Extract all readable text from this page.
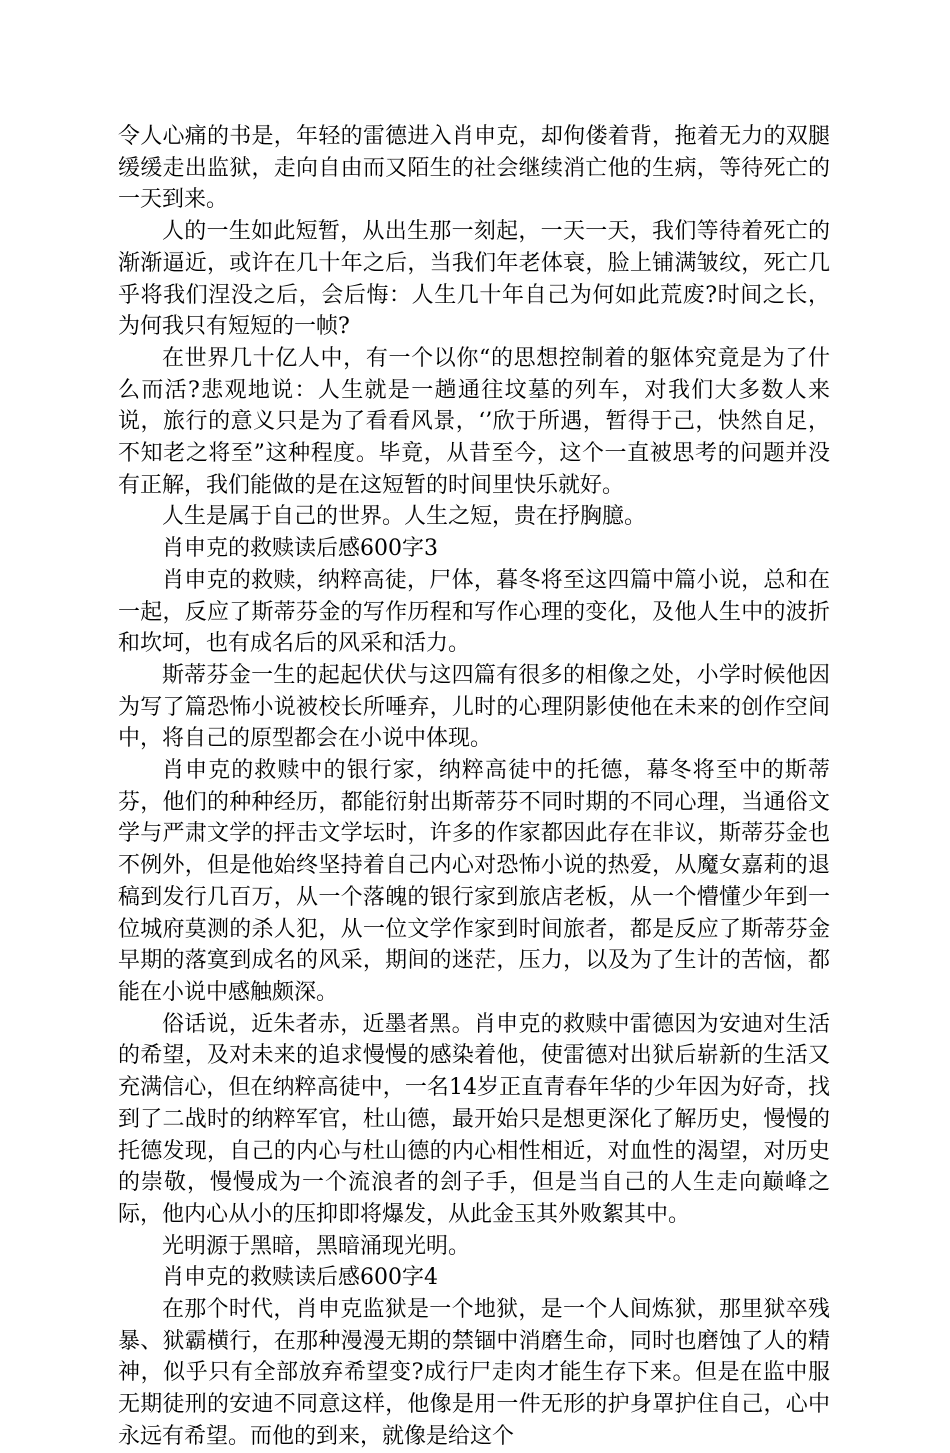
令人心痛的书是，年轻的雷德进入肖申克，却佝偻着背，拖着无力的双腿缓缓走出监狱，走向自由而又陌生的社会继续消亡他的生病，等待死亡的一天到来。

人的一生如此短暂，从出生那一刻起，一天一天，我们等待着死亡的渐渐逼近，或许在几十年之后，当我们年老体衰，脸上铺满皱纹，死亡几乎将我们涅没之后，会后悔：人生几十年自己为何如此荒废?时间之长，为何我只有短短的一帧?

在世界几十亿人中，有一个以你“的思想控制着的躯体究竟是为了什么而活?悲观地说：人生就是一趟通往坟墓的列车，对我们大多数人来说，旅行的意义只是为了看看风景，‘’欣于所遇，暂得于己，快然自足，不知老之将至”这种程度。毕竟，从昔至今，这个一直被思考的问题并没有正解，我们能做的是在这短暂的时间里快乐就好。

人生是属于自己的世界。人生之短，贵在抒胸臆。

肖申克的救赎读后感600字3

肖申克的救赎，纳粹高徒，尸体，暮冬将至这四篇中篇小说，总和在一起，反应了斯蒂芬金的写作历程和写作心理的变化，及他人生中的波折和坎坷，也有成名后的风采和活力。

斯蒂芬金一生的起起伏伏与这四篇有很多的相像之处，小学时候他因为写了篇恐怖小说被校长所唾弃，儿时的心理阴影使他在未来的创作空间中，将自己的原型都会在小说中体现。

肖申克的救赎中的银行家，纳粹高徒中的托德，幕冬将至中的斯蒂芬，他们的种种经历，都能衍射出斯蒂芬不同时期的不同心理，当通俗文学与严肃文学的抨击文学坛时，许多的作家都因此存在非议，斯蒂芬金也不例外，但是他始终坚持着自己内心对恐怖小说的热爱，从魔女嘉莉的退稿到发行几百万，从一个落魄的银行家到旅店老板，从一个懵懂少年到一位城府莫测的杀人犯，从一位文学作家到时间旅者，都是反应了斯蒂芬金早期的落寞到成名的风采，期间的迷茫，压力，以及为了生计的苦恼，都能在小说中感触颇深。

俗话说，近朱者赤，近墨者黑。肖申克的救赎中雷德因为安迪对生活的希望，及对未来的追求慢慢的感染着他，使雷德对出狱后崭新的生活又充满信心，但在纳粹高徒中，一名14岁正直青春年华的少年因为好奇，找到了二战时的纳粹军官，杜山德，最开始只是想更深化了解历史，慢慢的托德发现，自己的内心与杜山德的内心相性相近，对血性的渴望，对历史的崇敬，慢慢成为一个流浪者的刽子手，但是当自己的人生走向巅峰之际，他内心从小的压抑即将爆发，从此金玉其外败絮其中。

光明源于黑暗，黑暗涌现光明。

肖申克的救赎读后感600字4

在那个时代，肖申克监狱是一个地狱，是一个人间炼狱，那里狱卒残暴、狱霸横行，在那种漫漫无期的禁锢中消磨生命，同时也磨蚀了人的精神，似乎只有全部放弃希望变?成行尸走肉才能生存下来。但是在监中服无期徒刑的安迪不同意这样，他像是用一件无形的护身罩护住自己，心中永远有希望。而他的到来，就像是给这个
